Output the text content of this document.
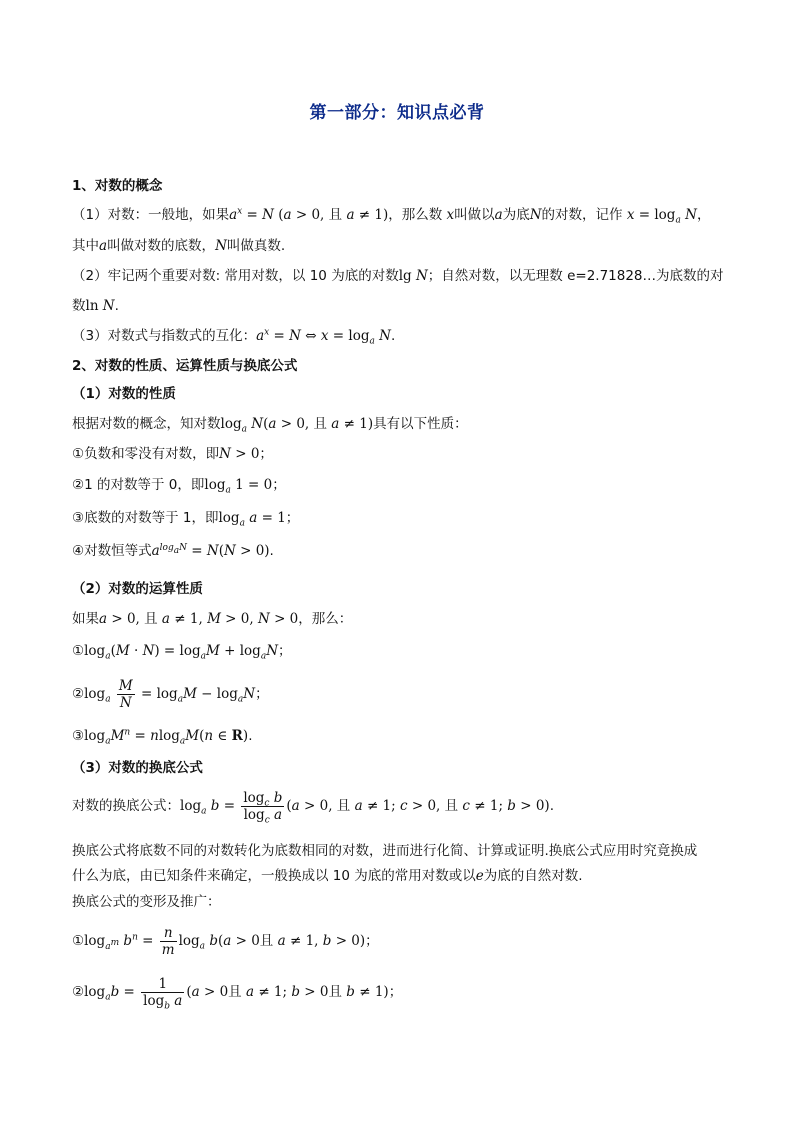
第一部分：知识点必背
1、对数的概念
（1）对数：一般地，如果$a^x = N$ (a > 0, 且 a ≠ 1)，那么数 x叫做以a为底N的对数，记作 $x = \log_a N$，
其中a叫做对数的底数，N叫做真数.
（2）牢记两个重要对数: 常用对数，以 10 为底的对数lg N；自然对数，以无理数 e=2.71828…为底数的对
数ln N.
（3）对数式与指数式的互化：$a^x = N$ ⇔ $x = \log_a N$.
2、对数的性质、运算性质与换底公式
（1）对数的性质
根据对数的概念，知对数$\log_a N(a > 0$, 且 a ≠ 1)具有以下性质：
①负数和零没有对数，即N > 0；
②1 的对数等于 0，即$\log_a 1 = 0$；
③底数的对数等于 1，即$\log_a a = 1$；
④对数恒等式$a^{log_aN} = N(N > 0)$.
（2）对数的运算性质
如果a > 0, 且 a ≠ 1, M > 0, N > 0，那么：
$①\log_a(M \cdot N) = \log_aM + \log_aN$；
$②\log_a \frac{M}{N} = \log_aM - \log_aN$；
$③\log_aM^n = nlog_aM(n$ ∈ R).
（3）对数的换底公式
对数的换底公式：$\log_a b = \frac{\log_c b}{\log_c a} (a > 0$, 且 a ≠ 1; c > 0, 且 c ≠ 1; b > 0).
换底公式将底数不同的对数转化为底数相同的对数，进而进行化简、计算或证明.换底公式应用时究竟换成
什么为底，由已知条件来确定，一般换成以 10 为底的常用对数或以e为底的自然对数.
换底公式的变形及推广：
$①\log_{a^m}$ $b^n = \frac{n}{m} \log_a b(a > 0$且 a ≠ 1, b > 0)；
$②\log_ab = \frac{1}{\log_b a} (a > 0$且 a ≠ 1; b > 0且 b ≠ 1)；
